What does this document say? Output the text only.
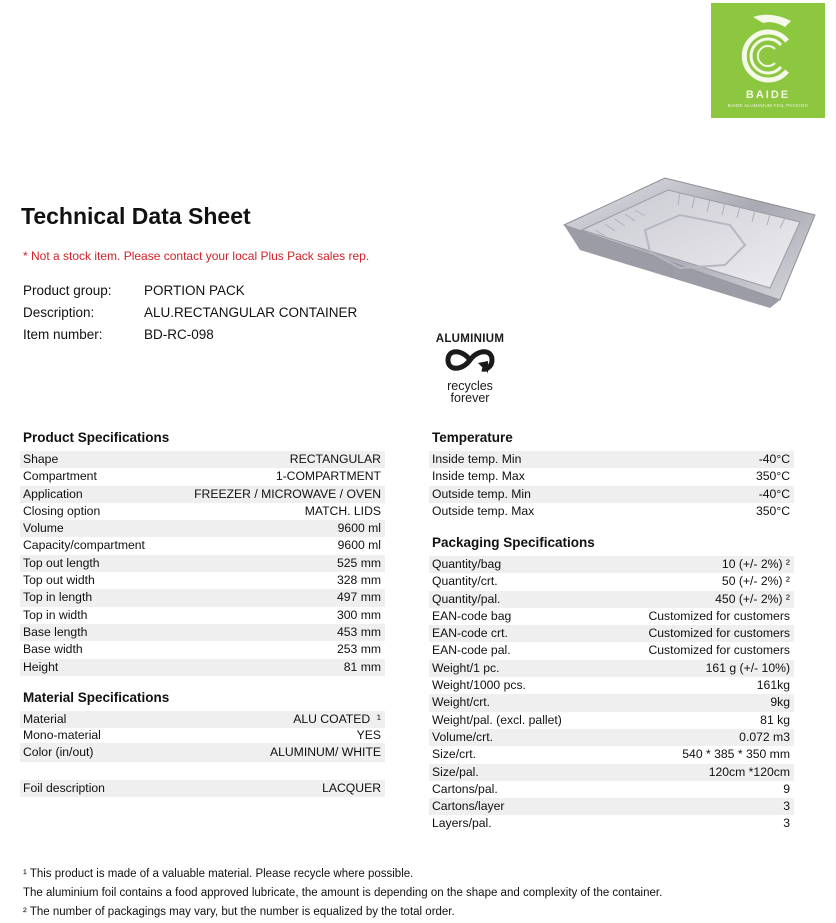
BAIDE
BAIDE ALUMINIUM FOIL PACKING
Technical Data Sheet
* Not a stock item. Please contact your local Plus Pack sales rep.
Product group:	PORTION PACK
Description:	ALU.RECTANGULAR CONTAINER
Item number:	BD-RC-098	ALUMINIUM
recycles
forever
Product Specifications
Shape	RECTANGULAR
Compartment	1-COMPARTMENT
Application	FREEZER / MICROWAVE / OVEN
Closing option	MATCH. LIDS
Volume	9600 ml
Capacity/compartment	9600 ml
Top out length	525 mm
Top out width	328 mm
Top in length	497 mm
Top in width	300 mm
Base length	453 mm
Base width	253 mm
Height	81 mm
Material Specifications
Material	ALU COATED  ¹
Mono-material	YES
Color (in/out)	ALUMINUM/ WHITE
Foil description	LACQUER
Temperature
Inside temp. Min	-40°C
Inside temp. Max	350°C
Outside temp. Min	-40°C
Outside temp. Max	350°C
Packaging Specifications
Quantity/bag	10 (+/- 2%) ²
Quantity/crt.	50 (+/- 2%) ²
Quantity/pal.	450 (+/- 2%) ²
EAN-code bag	Customized for customers
EAN-code crt.	Customized for customers
EAN-code pal.	Customized for customers
Weight/1 pc.	161 g (+/- 10%)
Weight/1000 pcs.	161kg
Weight/crt.	9kg
Weight/pal. (excl. pallet)	81 kg
Volume/crt.	0.072 m3
Size/crt.	540 * 385 * 350 mm
Size/pal.	120cm *120cm
Cartons/pal.	9
Cartons/layer	3
Layers/pal.	3
¹ This product is made of a valuable material. Please recycle where possible.
The aluminium foil contains a food approved lubricate, the amount is depending on the shape and complexity of the container.
² The number of packagings may vary, but the number is equalized by the total order.
